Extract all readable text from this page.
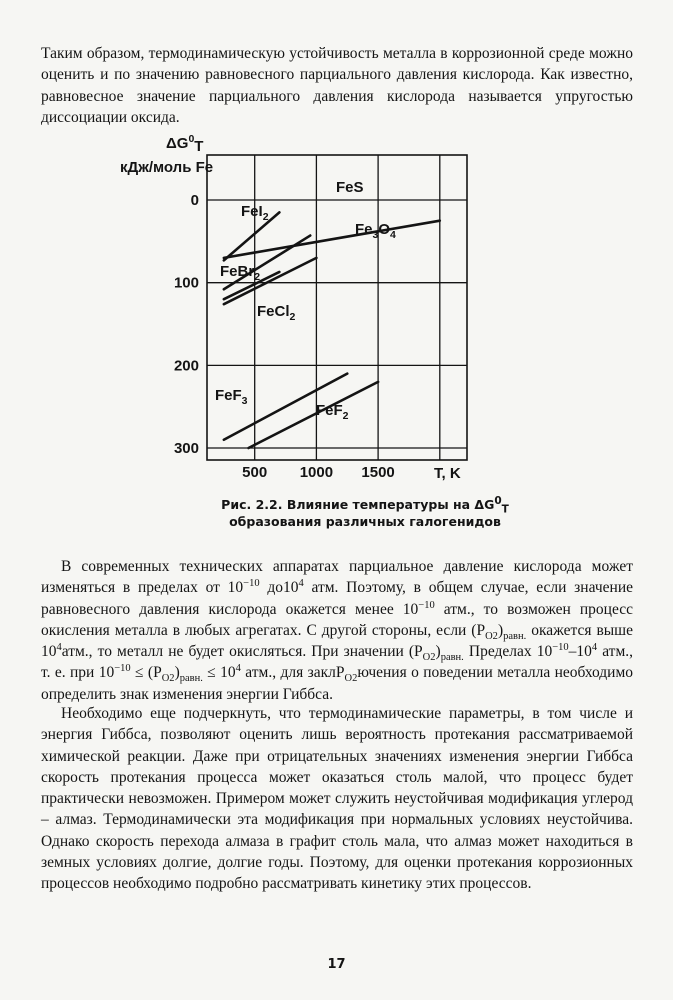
Таким образом, термодинамическую устойчивость металла в коррозионной среде можно оценить и по значению равновесного парциального давления кислорода. Как известно, равновесное значение парциального давления кислорода называется упругостью диссоциации оксида.

500 1000 1500
0
100
200
300
$\Delta G^0T$
кДж/моль Fe
T, K
FeI$_2$
FeBr$_2$
FeCl$_2$
FeF$_3$
FeF$_2$
FeS
$Fe_3O_4$
Рис. 2.2. Влияние температуры на $\Delta G^0_T$
образования различных галогенидов

В современных технических аппаратах парциальное давление кислорода может изменяться в пределах от $10^{-10}$ $до10^4$ атм. Поэтому, в общем случае, если значение равновесного давления кислорода окажется менее $10^{-10}$ атм., то возможен процесс окисления металла в любых агрегатах. С другой стороны, если $(P_{O2})_{равн.}$ окажется выше $10^4атм$., то металл не будет окисляться. При значении $(P_{O2})_{равн.}$ Пределах $10^{-10}-10^4$ атм., т. е. при $10^{-10} \le (P_{O2})_{равн.} \le 10^4$ атм., для заклP$_{O2}$ючения о поведении металла необходимо определить знак изменения энергии Гиббса.

Необходимо еще подчеркнуть, что термодинамические параметры, в том числе и энергия Гиббса, позволяют оценить лишь вероятность протекания рассматриваемой химической реакции. Даже при отрицательных значениях изменения энергии Гиббса скорость протекания процесса может оказаться столь малой, что процесс будет практически невозможен. Примером может служить неустойчивая модификация углерод – алмаз. Термодинамически эта модификация при нормальных условиях неустойчива. Однако скорость перехода алмаза в графит столь мала, что алмаз может находиться в земных условиях долгие, долгие годы. Поэтому, для оценки протекания коррозионных процессов необходимо подробно рассматривать кинетику этих процессов.

17
